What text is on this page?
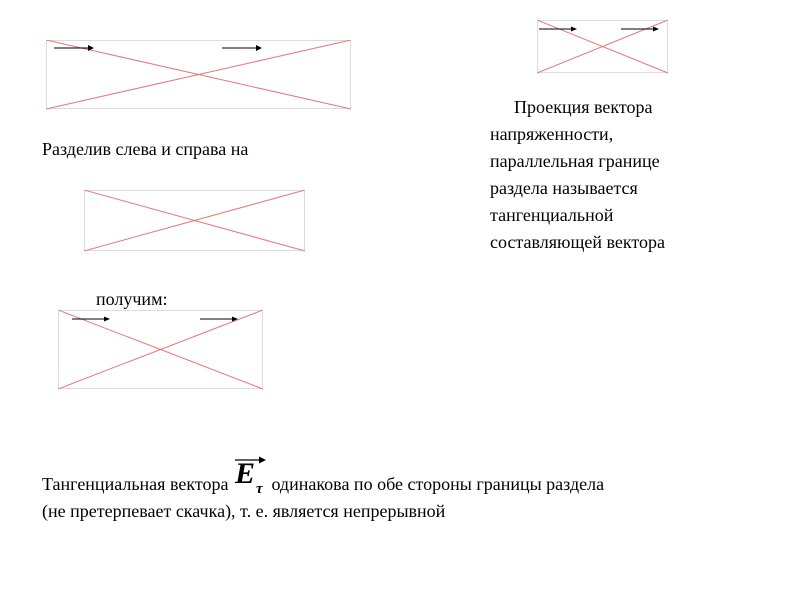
Разделив слева и справа на
получим:
Проекция вектора
напряженности,
параллельная границе
раздела называется
тангенциальной
составляющей вектора
Тангенциальная вектора E τ одинакова по обе стороны границы раздела
(не претерпевает скачка), т. е. является непрерывной
